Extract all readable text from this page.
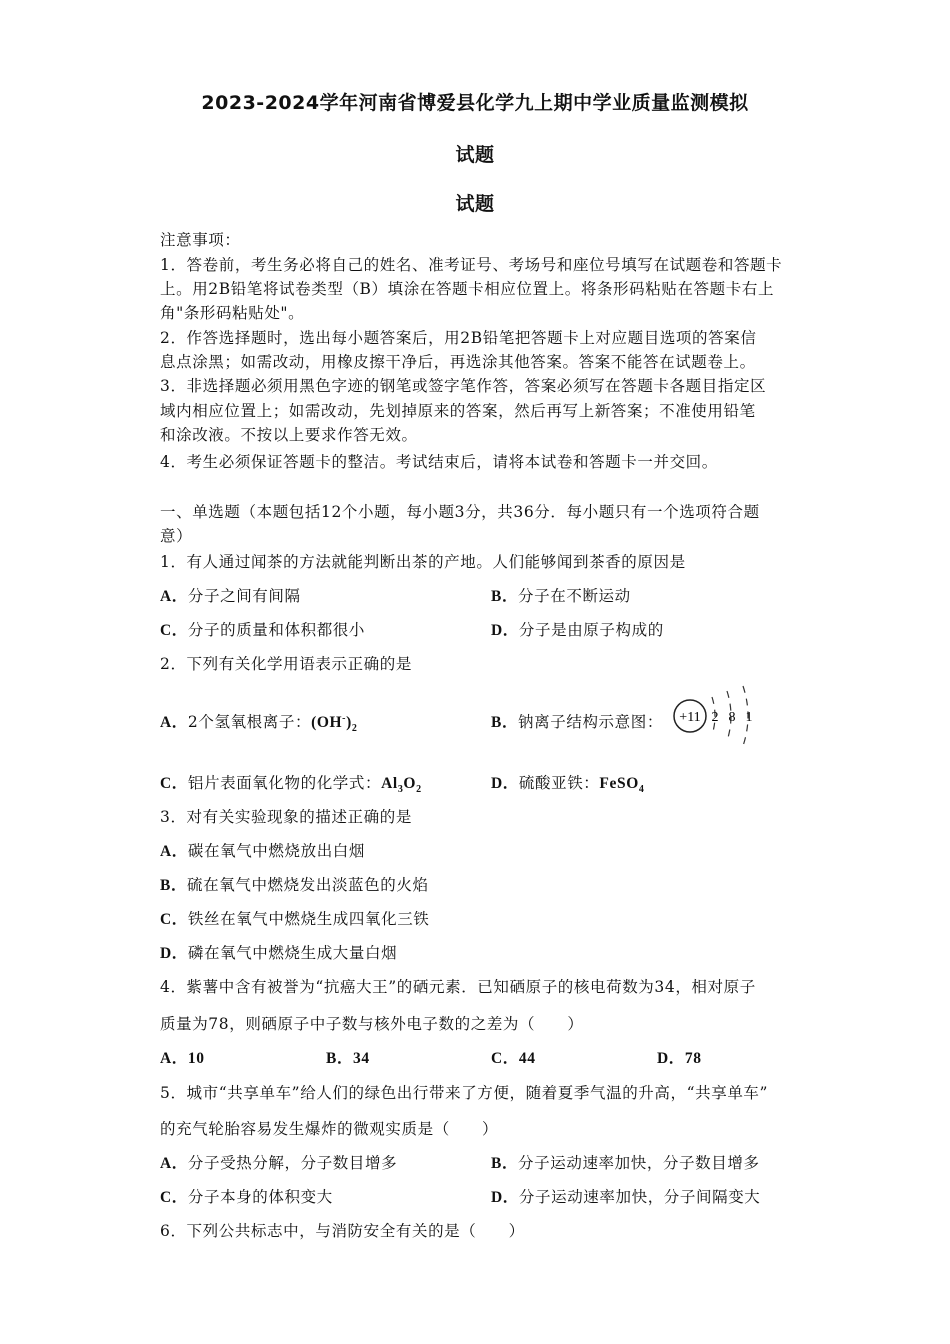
2023-2024学年河南省博爱县化学九上期中学业质量监测模拟
试题
试题
注意事项：
1．答卷前，考生务必将自己的姓名、准考证号、考场号和座位号填写在试题卷和答题卡
上。用2B铅笔将试卷类型（B）填涂在答题卡相应位置上。将条形码粘贴在答题卡右上
角"条形码粘贴处"。
2．作答选择题时，选出每小题答案后，用2B铅笔把答题卡上对应题目选项的答案信
息点涂黑；如需改动，用橡皮擦干净后，再选涂其他答案。答案不能答在试题卷上。
3．非选择题必须用黑色字迹的钢笔或签字笔作答，答案必须写在答题卡各题目指定区
域内相应位置上；如需改动，先划掉原来的答案，然后再写上新答案；不准使用铅笔
和涂改液。不按以上要求作答无效。
4．考生必须保证答题卡的整洁。考试结束后，请将本试卷和答题卡一并交回。
一、单选题（本题包括12个小题，每小题3分，共36分．每小题只有一个选项符合题
意）
1．有人通过闻茶的方法就能判断出茶的产地。人们能够闻到茶香的原因是
A．分子之间有间隔	B．分子在不断运动
C．分子的质量和体积都很小	D．分子是由原子构成的
2．下列有关化学用语表示正确的是
A．2个氢氧根离子：$(OH^-)_2$	B．钠离子结构示意图： +11 2 8 1
C．铝片表面氧化物的化学式：$Al_3O_2$	D．硫酸亚铁：FeSO$_4$
3．对有关实验现象的描述正确的是
A．碳在氧气中燃烧放出白烟
B．硫在氧气中燃烧发出淡蓝色的火焰
C．铁丝在氧气中燃烧生成四氧化三铁
D．磷在氧气中燃烧生成大量白烟
4．紫薯中含有被誉为“抗癌大王”的硒元素．已知硒原子的核电荷数为34，相对原子
质量为78，则硒原子中子数与核外电子数的之差为（　　）
A．10	B．34	C．44	D．78
5．城市“共享单车”给人们的绿色出行带来了方便，随着夏季气温的升高，“共享单车”
的充气轮胎容易发生爆炸的微观实质是（　　）
A．分子受热分解，分子数目增多	B．分子运动速率加快，分子数目增多
C．分子本身的体积变大	D．分子运动速率加快，分子间隔变大
6．下列公共标志中，与消防安全有关的是（　　）
